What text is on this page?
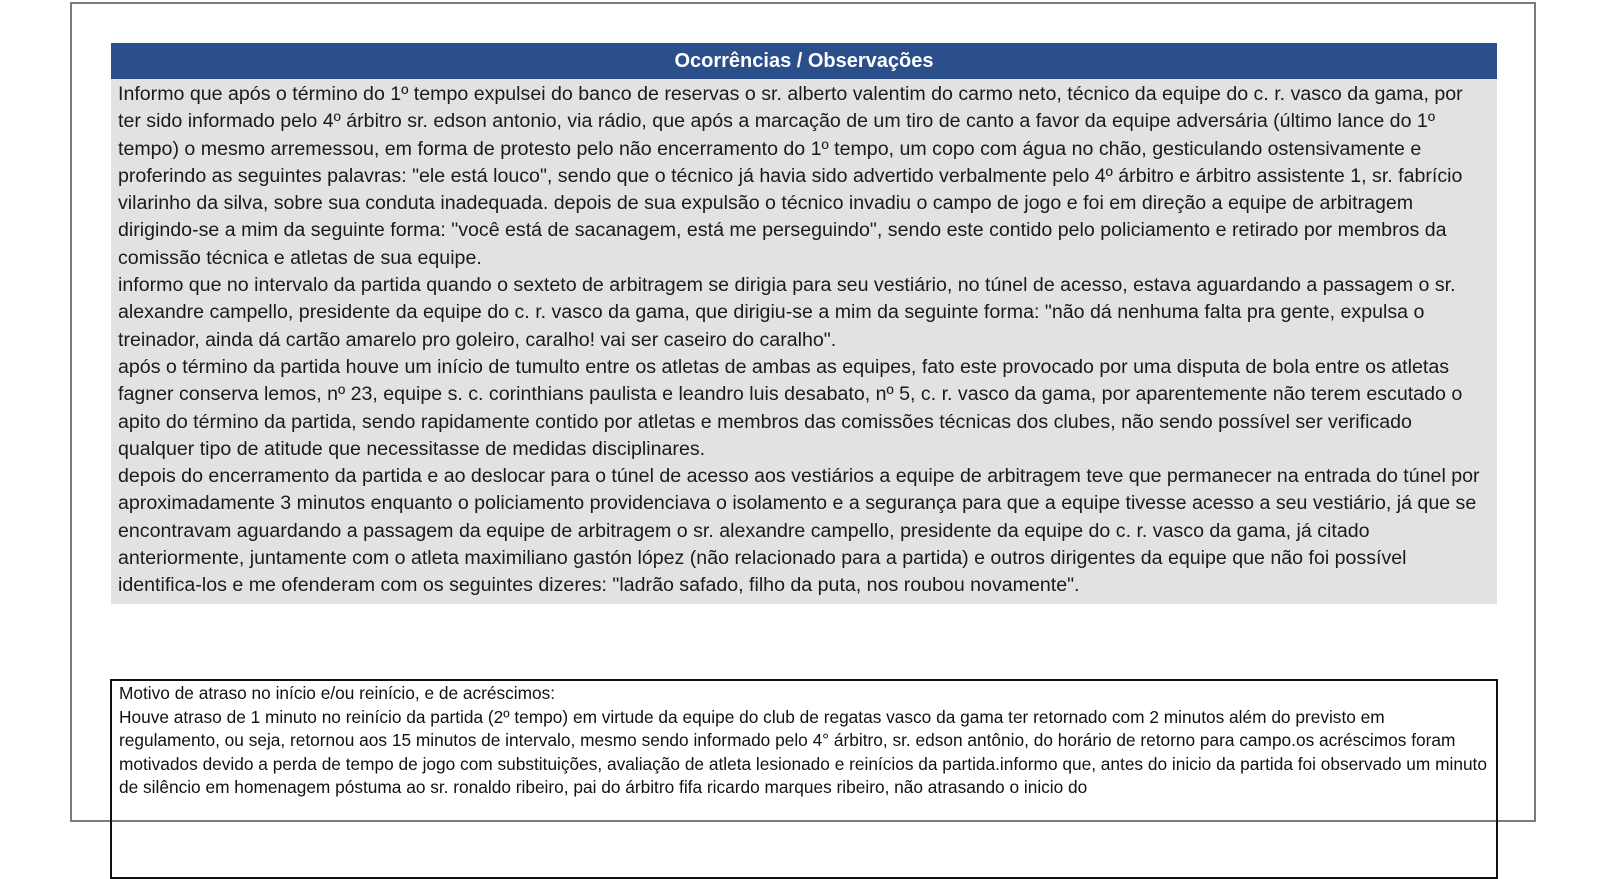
Ocorrências / Observações

Informo que após o término do 1º tempo expulsei do banco de reservas o sr. alberto valentim do carmo neto, técnico da equipe do c. r. vasco da gama, por ter sido informado pelo 4º árbitro sr. edson antonio, via rádio, que após a marcação de um tiro de canto a favor da equipe adversária (último lance do 1º tempo) o mesmo arremessou, em forma de protesto pelo não encerramento do 1º tempo, um copo com água no chão, gesticulando ostensivamente e proferindo as seguintes palavras: "ele está louco", sendo que o técnico já havia sido advertido verbalmente pelo 4º árbitro e árbitro assistente 1, sr. fabrício vilarinho da silva, sobre sua conduta inadequada. depois de sua expulsão o técnico invadiu o campo de jogo e foi em direção a equipe de arbitragem dirigindo-se a mim da seguinte forma: "você está de sacanagem, está me perseguindo", sendo este contido pelo policiamento e retirado por membros da comissão técnica e atletas de sua equipe.

informo que no intervalo da partida quando o sexteto de arbitragem se dirigia para seu vestiário, no túnel de acesso, estava aguardando a passagem o sr. alexandre campello, presidente da equipe do c. r. vasco da gama, que dirigiu-se a mim da seguinte forma: "não dá nenhuma falta pra gente, expulsa o treinador, ainda dá cartão amarelo pro goleiro, caralho! vai ser caseiro do caralho".

após o término da partida houve um início de tumulto entre os atletas de ambas as equipes, fato este provocado por uma disputa de bola entre os atletas fagner conserva lemos, nº 23, equipe s. c. corinthians paulista e leandro luis desabato, nº 5, c. r. vasco da gama, por aparentemente não terem escutado o apito do término da partida, sendo rapidamente contido por atletas e membros das comissões técnicas dos clubes, não sendo possível ser verificado qualquer tipo de atitude que necessitasse de medidas disciplinares.

depois do encerramento da partida e ao deslocar para o túnel de acesso aos vestiários a equipe de arbitragem teve que permanecer na entrada do túnel por aproximadamente 3 minutos enquanto o policiamento providenciava o isolamento e a segurança para que a equipe tivesse acesso a seu vestiário, já que se encontravam aguardando a passagem da equipe de arbitragem o sr. alexandre campello, presidente da equipe do c. r. vasco da gama, já citado anteriormente, juntamente com o atleta maximiliano gastón lópez (não relacionado para a partida) e outros dirigentes da equipe que não foi possível identifica-los e me ofenderam com os seguintes dizeres: "ladrão safado, filho da puta, nos roubou novamente".

Motivo de atraso no início e/ou reinício, e de acréscimos:

Houve atraso de 1 minuto no reinício da partida (2º tempo) em virtude da equipe do club de regatas vasco da gama ter retornado com 2 minutos além do previsto em regulamento, ou seja, retornou aos 15 minutos de intervalo, mesmo sendo informado pelo 4° árbitro, sr. edson antônio, do horário de retorno para campo.os acréscimos foram motivados devido a perda de tempo de jogo com substituições, avaliação de atleta lesionado e reinícios da partida.informo que, antes do inicio da partida foi observado um minuto de silêncio em homenagem póstuma ao sr. ronaldo ribeiro, pai do árbitro fifa ricardo marques ribeiro, não atrasando o inicio do
